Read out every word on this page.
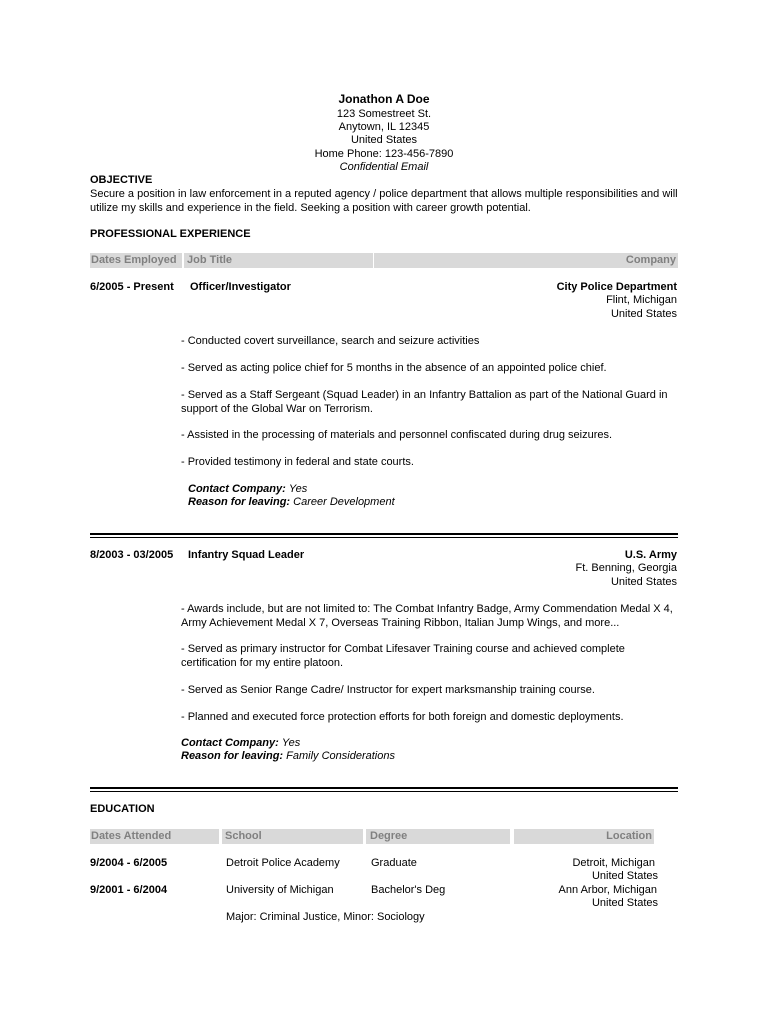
Jonathon A Doe
123 Somestreet St.
Anytown, IL 12345
United States
Home Phone: 123-456-7890
Confidential Email
OBJECTIVE
Secure a position in law enforcement in a reputed agency / police department that allows multiple responsibilities and will utilize my skills and experience in the field. Seeking a position with career growth potential.
PROFESSIONAL EXPERIENCE
Dates Employed Job Title	Company
6/2005 - Present Officer/Investigator	City Police Department
Flint, Michigan
United States
- Conducted covert surveillance, search and seizure activities
- Served as acting police chief for 5 months in the absence of an appointed police chief.
- Served as a Staff Sergeant (Squad Leader) in an Infantry Battalion as part of the National Guard in support of the Global War on Terrorism.
- Assisted in the processing of materials and personnel confiscated during drug seizures.
- Provided testimony in federal and state courts.
Contact Company: Yes
Reason for leaving: Career Development
8/2003 - 03/2005 Infantry Squad Leader	U.S. Army
Ft. Benning, Georgia
United States
- Awards include, but are not limited to: The Combat Infantry Badge, Army Commendation Medal X 4, Army Achievement Medal X 7, Overseas Training Ribbon, Italian Jump Wings, and more...
- Served as primary instructor for Combat Lifesaver Training course and achieved complete certification for my entire platoon.
- Served as Senior Range Cadre/ Instructor for expert marksmanship training course.
- Planned and executed force protection efforts for both foreign and domestic deployments.
Contact Company: Yes
Reason for leaving: Family Considerations
EDUCATION
Dates Attended	School	Degree	Location
9/2004 - 6/2005	Detroit Police Academy	Graduate	Detroit, Michigan
United States
9/2001 - 6/2004	University of Michigan	Bachelor's Deg	Ann Arbor, Michigan
United States
Major: Criminal Justice, Minor: Sociology
